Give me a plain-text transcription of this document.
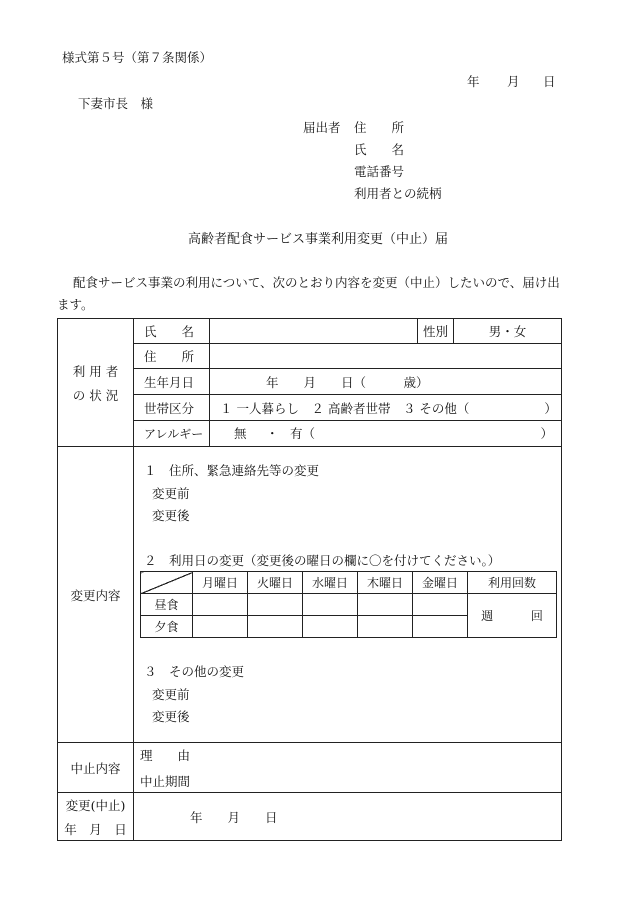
様式第５号（第７条関係）
年 月 日
下妻市長　様
届出者 住　　所
氏　　名
電話番号
利用者との続柄
高齢者配食サービス事業利用変更（中止）届
配食サービス事業の利用について、次のとおり内容を変更（中止）したいので、届け出
ます。
利 用 者
の 状 況
	氏　　名		性別	男・女
住　　所	
生年月日	年　　月　　日（　　　歳）
世帯区分	１ 一人暮らし　２ 高齢者世帯　３ その他（　　　　　　）
アレルギー	無 ・ 有（	）

変更内容	
１　住所、緊急連絡先等の変更
変更前
変更後
２　利用日の変更（変更後の曜日の欄に〇を付けてください。）
	月曜日	火曜日	水曜日	木曜日	金曜日	利用回数
昼食						週	回
夕食					
３　その他の変更
変更前
変更後

中止内容	
理　　由
中止期間

変更(中止)
年　月　日
	年　　月　　日
